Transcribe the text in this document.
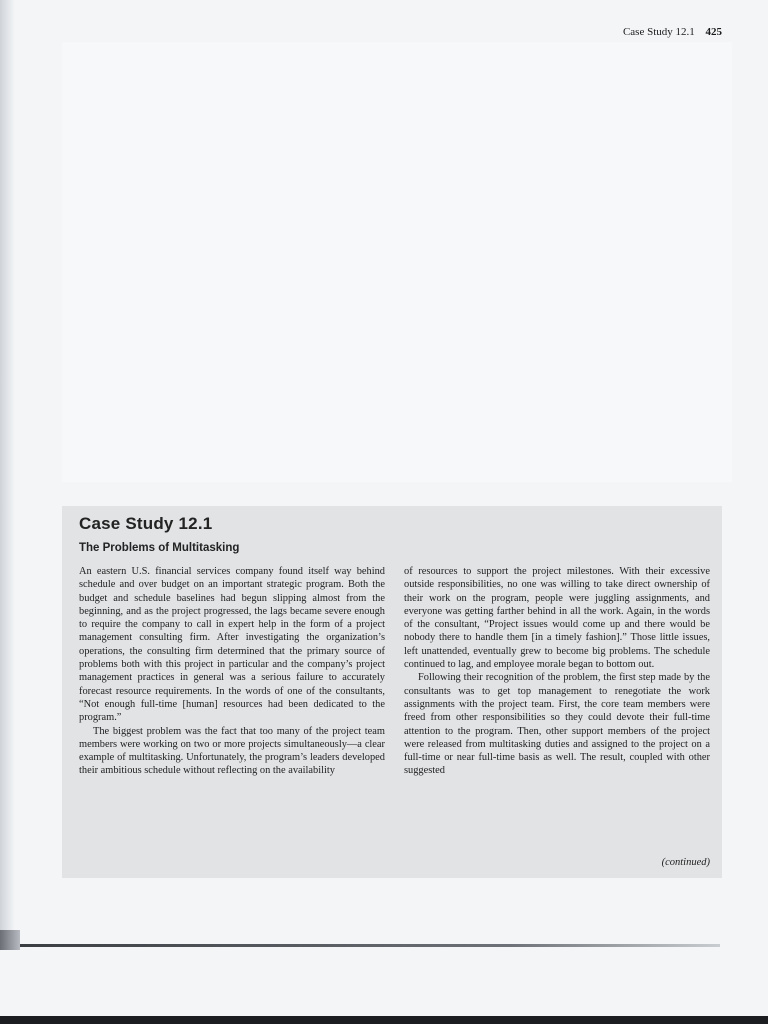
Case Study 12.1 425
Case Study 12.1
The Problems of Multitasking

An eastern U.S. financial services company found itself way behind schedule and over budget on an important strategic program. Both the budget and schedule baselines had begun slipping almost from the beginning, and as the project progressed, the lags became severe enough to require the company to call in expert help in the form of a project management consulting firm. After investigating the organization’s operations, the consulting firm determined that the primary source of problems both with this project in particular and the company’s project management practices in general was a serious failure to accurately forecast resource requirements. In the words of one of the consultants, “Not enough full-time [human] resources had been dedicated to the program.”

The biggest problem was the fact that too many of the project team members were working on two or more projects simultaneously—a clear example of multitasking. Unfortunately, the program’s leaders developed their ambitious schedule without reflecting on the availability

of resources to support the project milestones. With their excessive outside responsibilities, no one was willing to take direct ownership of their work on the program, people were juggling assignments, and everyone was getting farther behind in all the work. Again, in the words of the consultant, “Project issues would come up and there would be nobody there to handle them [in a timely fashion].” Those little issues, left unattended, eventually grew to become big problems. The schedule continued to lag, and employee morale began to bottom out.

Following their recognition of the problem, the first step made by the consultants was to get top management to renegotiate the work assignments with the project team. First, the core team members were freed from other responsibilities so they could devote their full-time attention to the program. Then, other support members of the project were released from multitasking duties and assigned to the project on a full-time or near full-time basis as well. The result, coupled with other suggested

(continued)
